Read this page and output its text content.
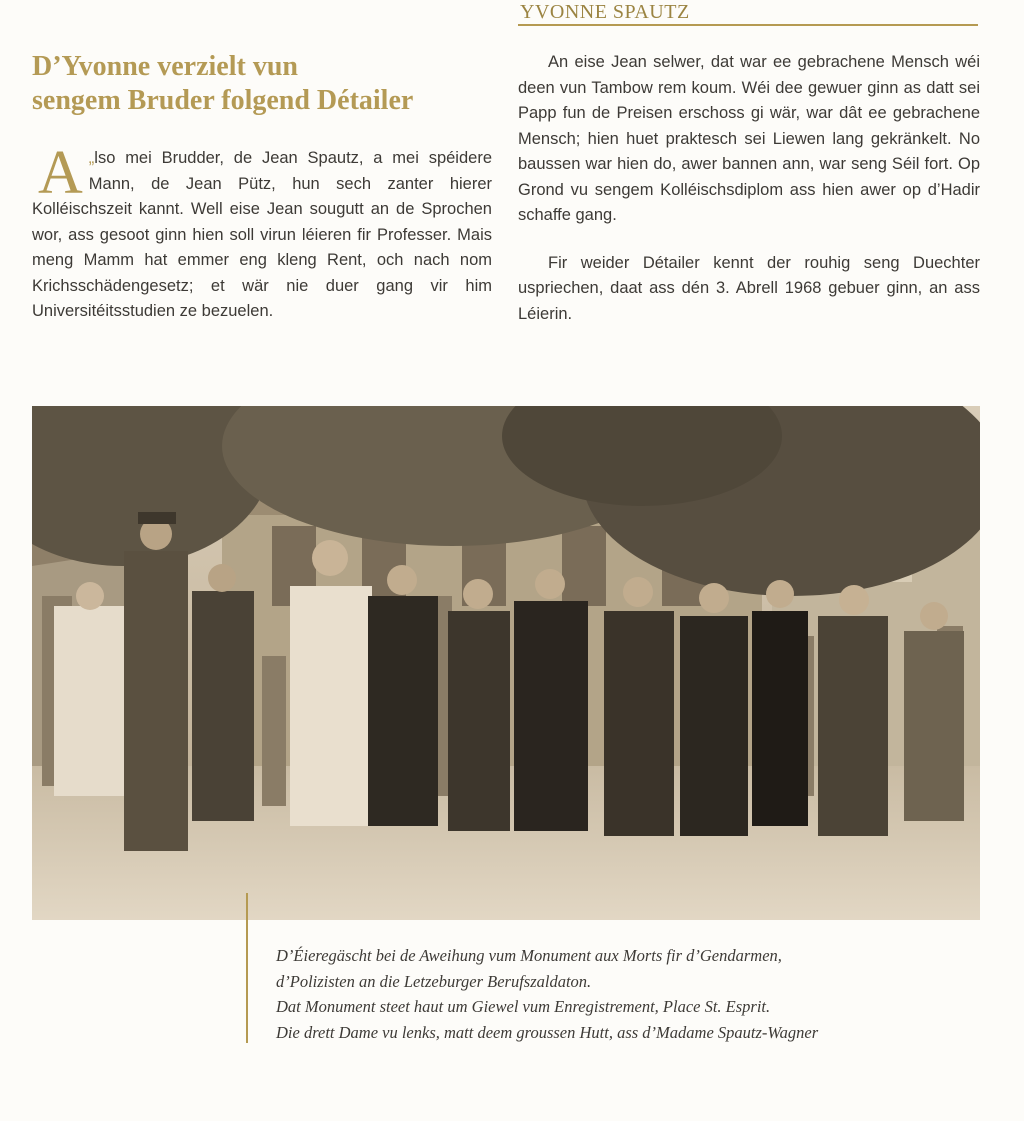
YVONNE SPAUTZ
D’Yvonne verzielt vun
sengem Bruder folgend Détailer
A „lso mei Brudder, de Jean Spautz, a mei spéidere Mann, de Jean Pütz, hun sech zanter hierer Kolléischszeit kannt. Well eise Jean sougutt an de Sprochen wor, ass gesoot ginn hien soll virun léieren fir Professer. Mais meng Mamm hat emmer eng kleng Rent, och nach nom Krichsschädengesetz; et wär nie duer gang vir him Universitéitsstudien ze bezuelen.

An eise Jean selwer, dat war ee gebrachene Mensch wéi deen vun Tambow rem koum. Wéi dee gewuer ginn as datt sei Papp fun de Preisen erschoss gi wär, war dât ee gebrachene Mensch; hien huet praktesch sei Liewen lang gekränkelt. No baussen war hien do, awer bannen ann, war seng Séil fort. Op Grond vu sengem Kolléischsdiplom ass hien awer op d’Hadir schaffe gang.

Fir weider Détailer kennt der rouhig seng Duechter uspriechen, daat ass dén 3. Abrell 1968 gebuer ginn, an ass Léierin.

D’Éieregäscht bei de Aweihung vum Monument aux Morts fir d’Gendarmen,
d’Polizisten an die Letzeburger Berufszaldaton.
Dat Monument steet haut um Giewel vum Enregistrement, Place St. Esprit.
Die drett Dame vu lenks, matt deem groussen Hutt, ass d’Madame Spautz-Wagner
